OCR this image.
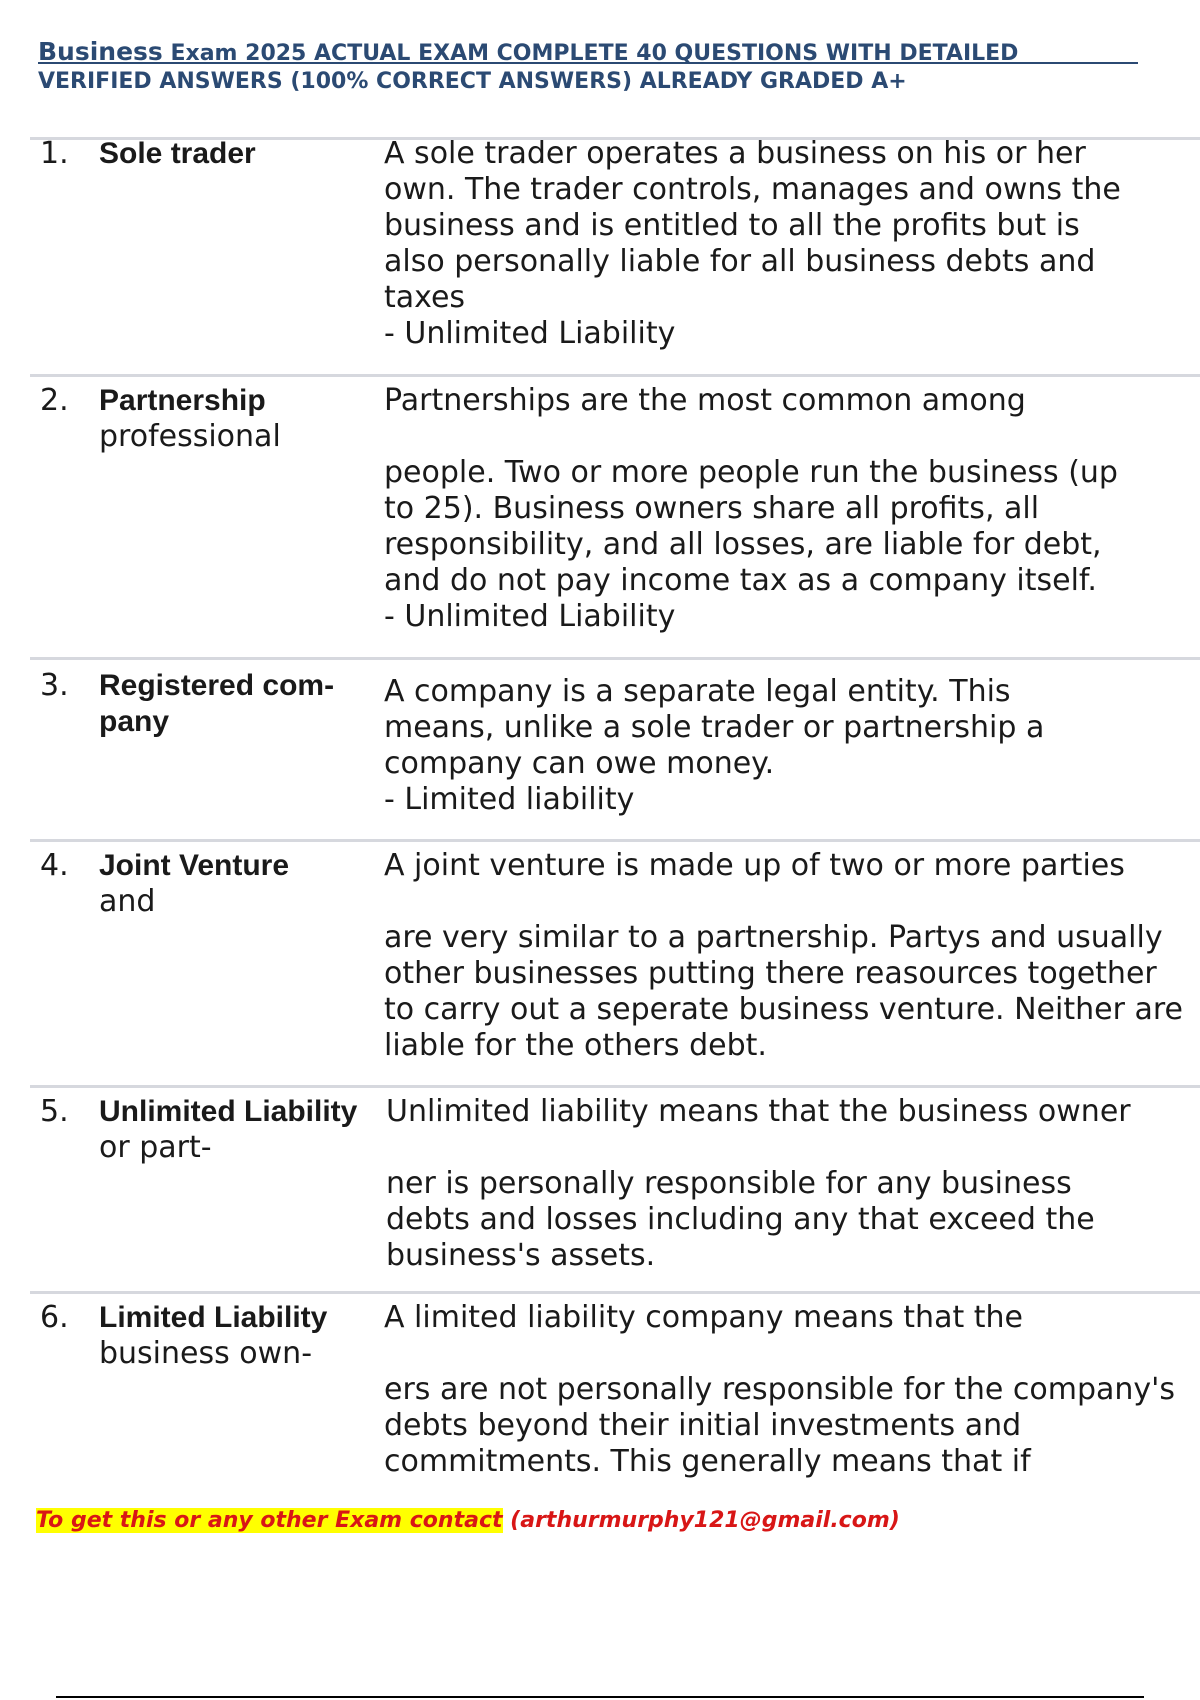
Business Exam 2025 ACTUAL EXAM COMPLETE 40 QUESTIONS WITH DETAILED
VERIFIED ANSWERS (100% CORRECT ANSWERS) ALREADY GRADED A+
1. Sole trader	A sole trader operates a business on his or her own. The trader controls, manages and owns the business and is entitled to all the profits but is also personally liable for all business debts and taxes

- Unlimited Liability

2. Partnership
professional

Partnerships are the most common among

people. Two or more people run the business (up to 25). Business owners share all profits, all responsibility, and all losses, are liable for debt, and do not pay income tax as a company itself.

- Unlimited Liability

3. Registered com- pany

A company is a separate legal entity. This means, unlike a sole trader or partnership a company can owe money.

- Limited liability

4. Joint Venture
and

A joint venture is made up of two or more parties

are very similar to a partnership. Partys and usually other businesses putting there reasources together to carry out a seperate business venture. Neither are liable for the others debt.

5. Unlimited Liability
or part-

Unlimited liability means that the business owner

ner is personally responsible for any business debts and losses including any that exceed the business's assets.

6. Limited Liability
business own-

A limited liability company means that the

ers are not personally responsible for the company's debts beyond their initial investments and commitments. This generally means that if

To get this or any other Exam contact (arthurmurphy121@gmail.com)
